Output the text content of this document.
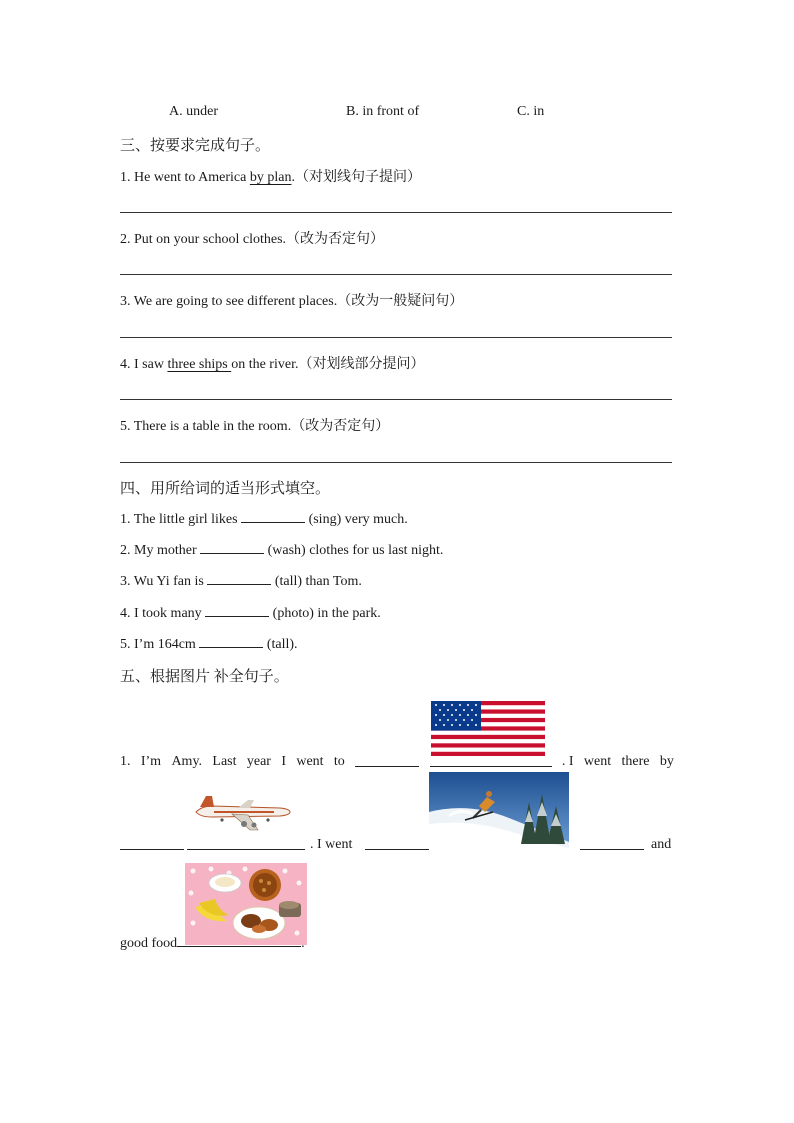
A. under	B. in front of	C. in
三、按要求完成句子。
1. He went to America by plan.（对划线句子提问）
2. Put on your school clothes.（改为否定句）
3. We are going to see different places.（改为一般疑问句）
4. I saw three ships on the river.（对划线部分提问）
5. There is a table in the room.（改为否定句）
四、用所给词的适当形式填空。
1. The little girl likes	(sing) very much.
2. My mother	(wash) clothes for us last night.
3. Wu Yi fan is	(tall) than Tom.
4. I took many	(photo) in the park.
5. I’m 164cm	(tall).
五、根据图片 补全句子。
1. I’m Amy. Last year I went to	. I went there by
. I went	and
good food	.
